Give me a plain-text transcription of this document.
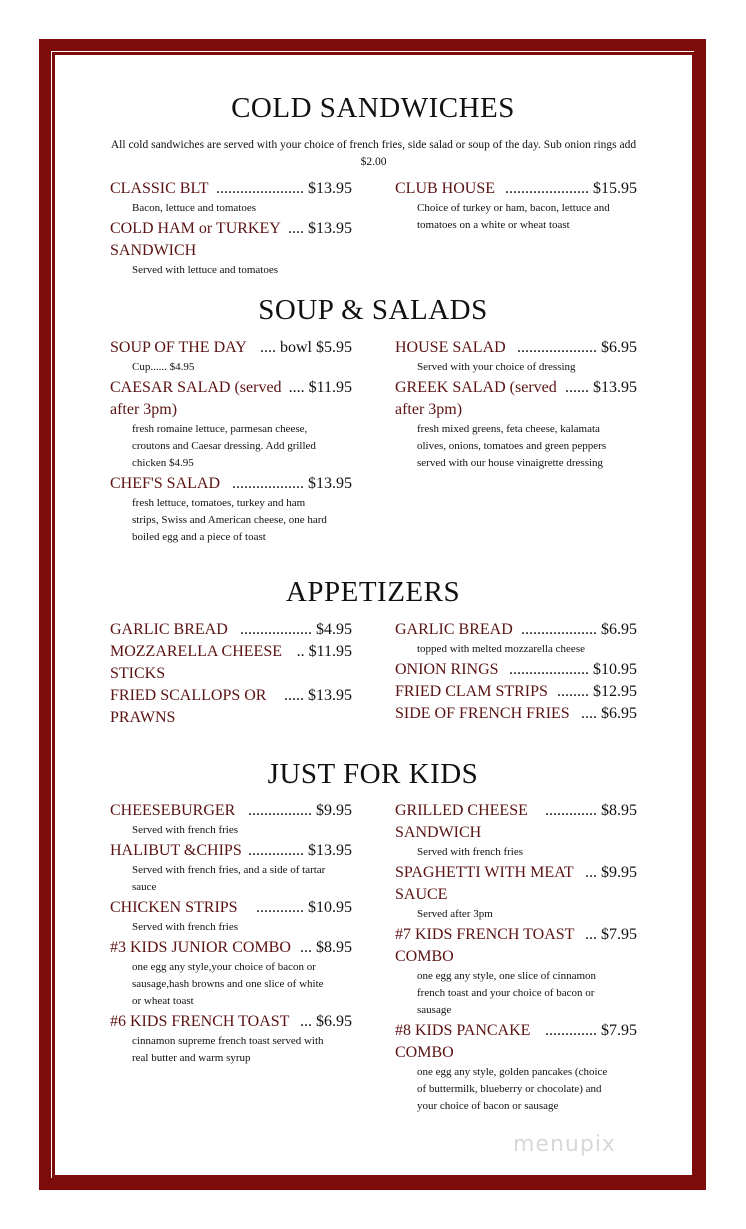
COLD SANDWICHES
All cold sandwiches are served with your choice of french fries, side salad or soup of the day. Sub onion rings add $2.00
CLASSIC BLT ...................... $13.95
Bacon, lettuce and tomatoes
COLD HAM or TURKEY .... $13.95
SANDWICH
Served with lettuce and tomatoes
CLUB HOUSE ..................... $15.95
Choice of turkey or ham, bacon, lettuce and tomatoes on a white or wheat toast
SOUP & SALADS
SOUP OF THE DAY .... bowl $5.95
Cup...... $4.95
CAESAR SALAD (served .... $11.95
after 3pm)
fresh romaine lettuce, parmesan cheese, croutons and Caesar dressing. Add grilled chicken $4.95
CHEF'S SALAD .................. $13.95
fresh lettuce, tomatoes, turkey and ham strips, Swiss and American cheese, one hard boiled egg and a piece of toast
HOUSE SALAD .................... $6.95
Served with your choice of dressing
GREEK SALAD (served ...... $13.95
after 3pm)
fresh mixed greens, feta cheese, kalamata olives, onions, tomatoes and green peppers served with our house vinaigrette dressing
APPETIZERS
GARLIC BREAD .................. $4.95
MOZZARELLA CHEESE .. $11.95
STICKS
FRIED SCALLOPS OR ..... $13.95
PRAWNS
GARLIC BREAD ................... $6.95
topped with melted mozzarella cheese
ONION RINGS .................... $10.95
FRIED CLAM STRIPS ........ $12.95
SIDE OF FRENCH FRIES .... $6.95
JUST FOR KIDS
CHEESEBURGER ................ $9.95
Served with french fries
HALIBUT &CHIPS .............. $13.95
Served with french fries, and a side of tartar sauce
CHICKEN STRIPS ............ $10.95
Served with french fries
#3 KIDS JUNIOR COMBO ... $8.95
one egg any style,your choice of bacon or sausage,hash browns and one slice of white or wheat toast
#6 KIDS FRENCH TOAST ... $6.95
cinnamon supreme french toast served with real butter and warm syrup
GRILLED CHEESE ............. $8.95
SANDWICH
Served with french fries
SPAGHETTI WITH MEAT ... $9.95
SAUCE
Served after 3pm
#7 KIDS FRENCH TOAST ... $7.95
COMBO
one egg any style, one slice of cinnamon french toast and your choice of bacon or sausage
#8 KIDS PANCAKE ............. $7.95
COMBO
one egg any style, golden pancakes (choice of buttermilk, blueberry or chocolate) and your choice of bacon or sausage
menupix
